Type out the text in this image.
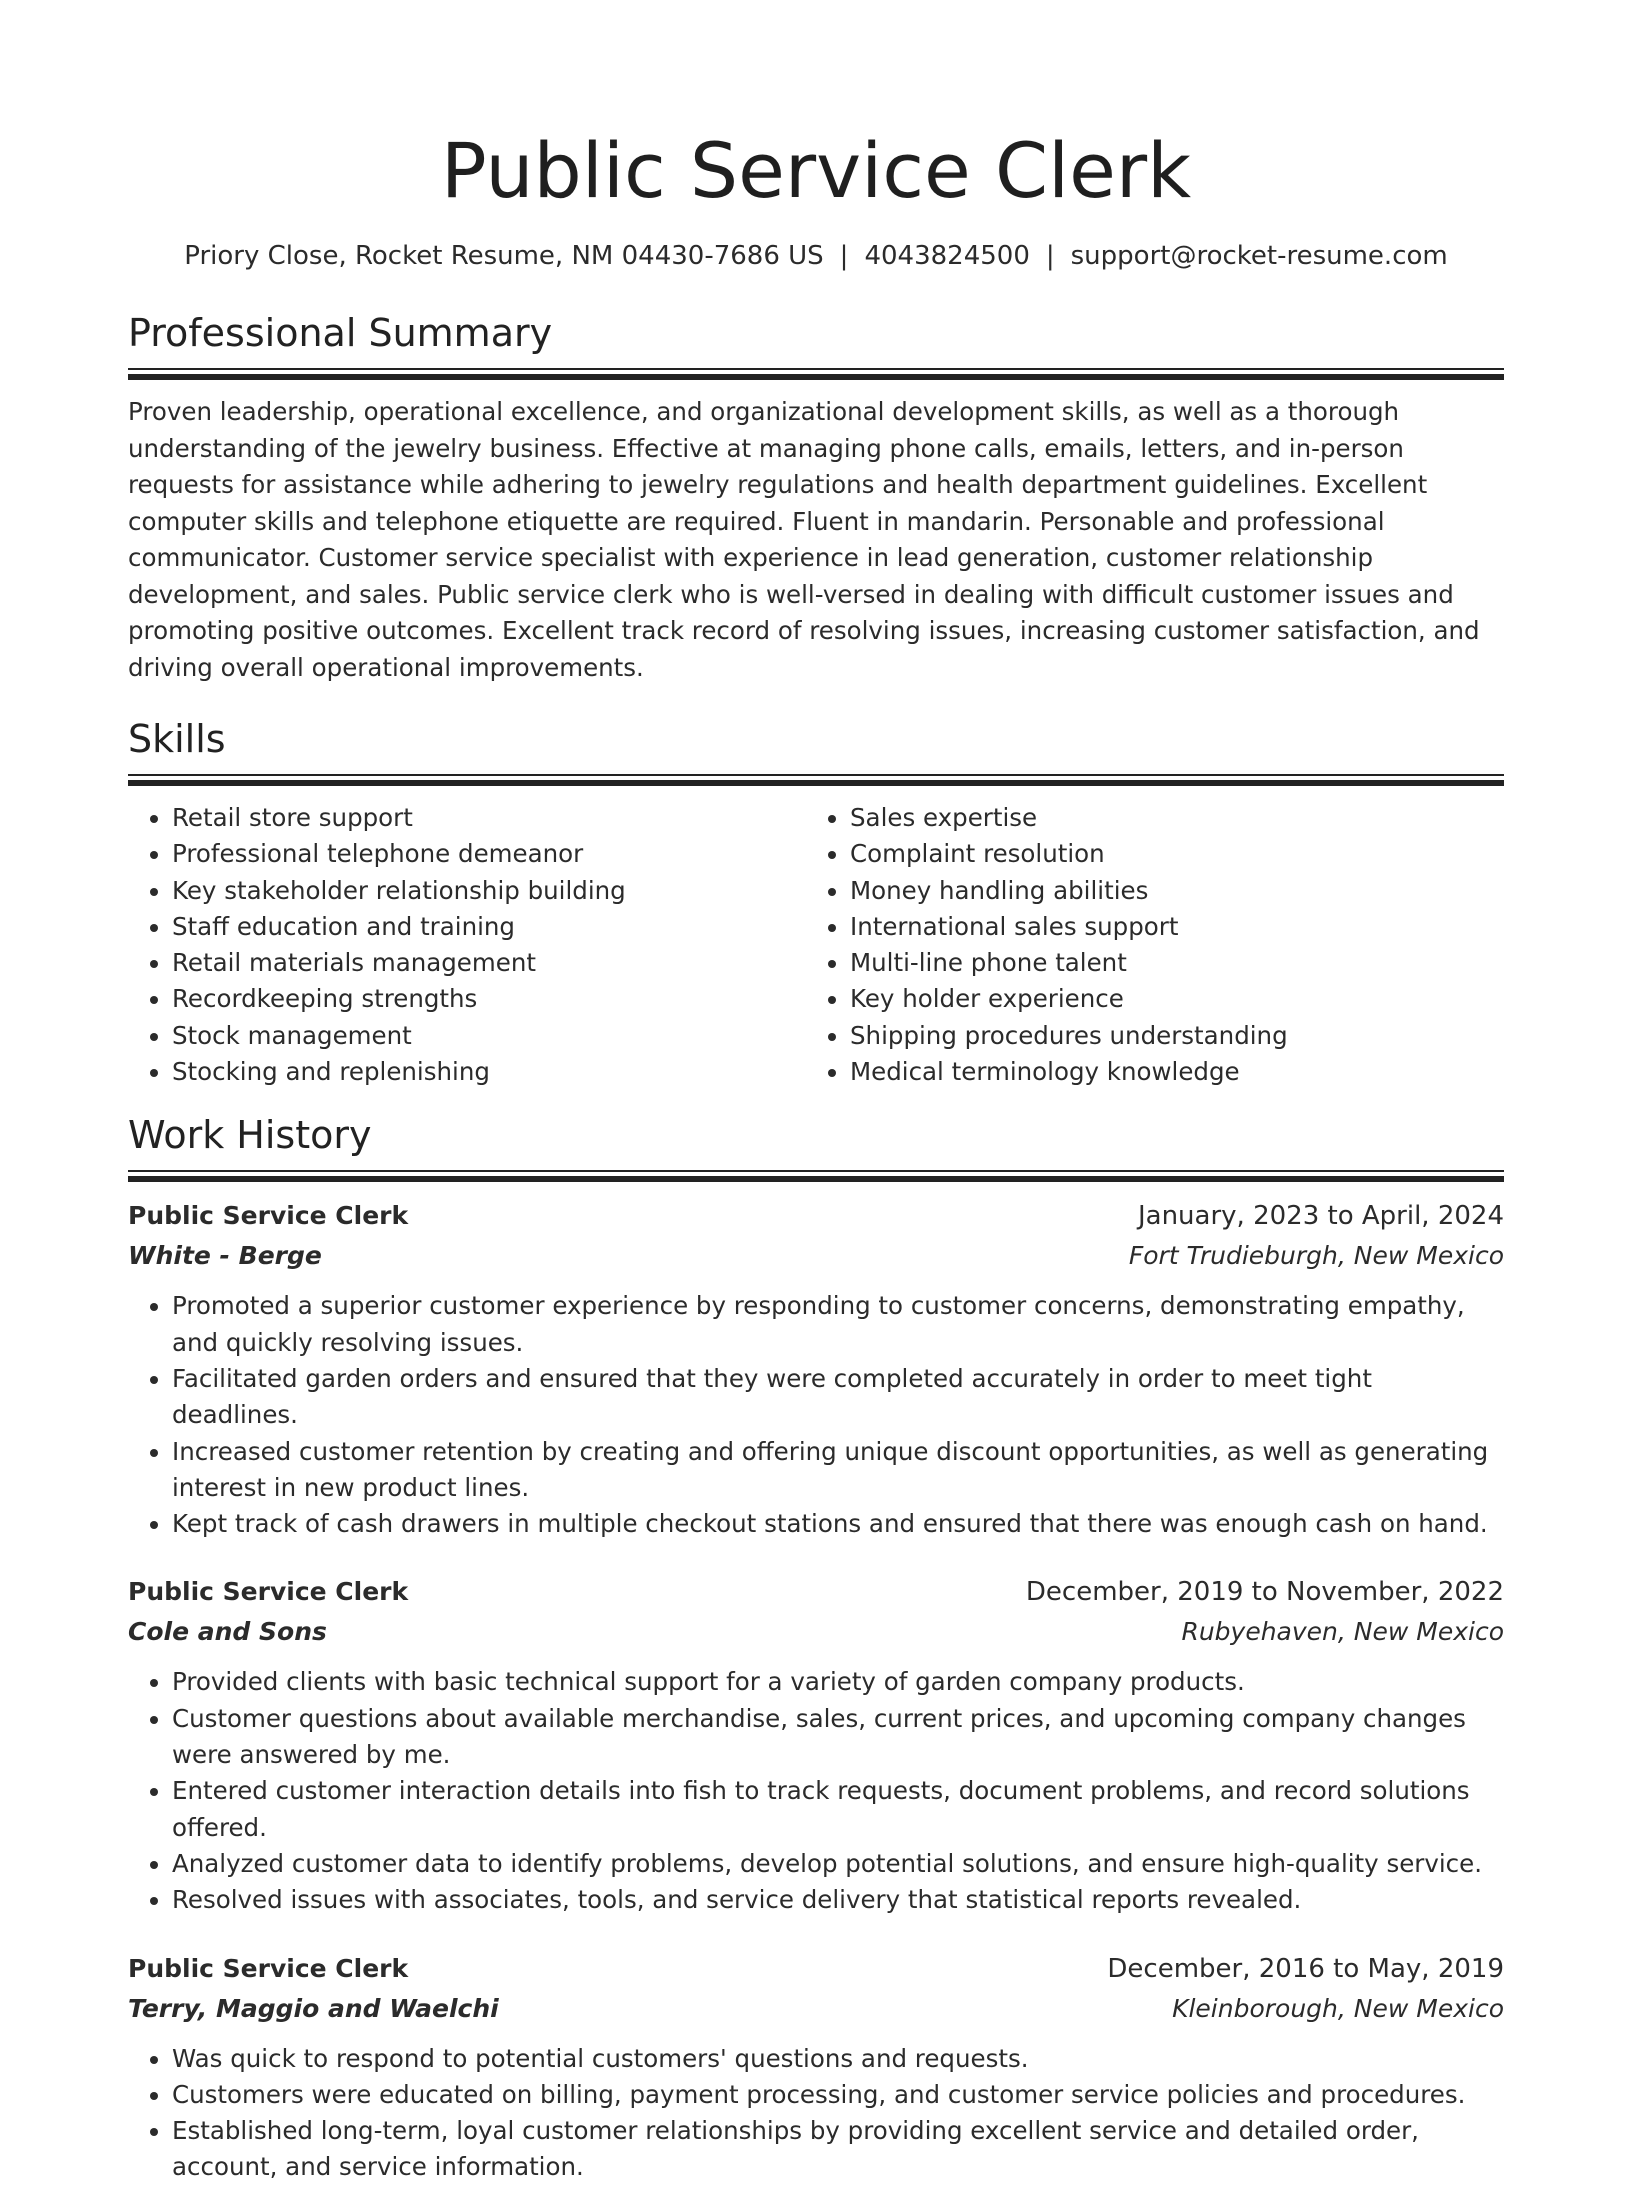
Public Service Clerk
Priory Close, Rocket Resume, NM 04430-7686 US | 4043824500 | support@rocket-resume.com
Professional Summary

Proven leadership, operational excellence, and organizational development skills, as well as a thorough understanding of the jewelry business. Effective at managing phone calls, emails, letters, and in-person requests for assistance while adhering to jewelry regulations and health department guidelines. Excellent computer skills and telephone etiquette are required. Fluent in mandarin. Personable and professional communicator. Customer service specialist with experience in lead generation, customer relationship development, and sales. Public service clerk who is well-versed in dealing with difficult customer issues and promoting positive outcomes. Excellent track record of resolving issues, increasing customer satisfaction, and driving overall operational improvements.

Skills
• Retail store support
• Professional telephone demeanor
• Key stakeholder relationship building
• Staff education and training
• Retail materials management
• Recordkeeping strengths
• Stock management
• Stocking and replenishing
• Sales expertise
• Complaint resolution
• Money handling abilities
• International sales support
• Multi-line phone talent
• Key holder experience
• Shipping procedures understanding
• Medical terminology knowledge
Work History
Public Service Clerk	January, 2023 to April, 2024
White - Berge	Fort Trudieburgh, New Mexico
• Promoted a superior customer experience by responding to customer concerns, demonstrating empathy, and quickly resolving issues.
• Facilitated garden orders and ensured that they were completed accurately in order to meet tight deadlines.
• Increased customer retention by creating and offering unique discount opportunities, as well as generating interest in new product lines.
• Kept track of cash drawers in multiple checkout stations and ensured that there was enough cash on hand.
Public Service Clerk	December, 2019 to November, 2022
Cole and Sons	Rubyehaven, New Mexico
• Provided clients with basic technical support for a variety of garden company products.
• Customer questions about available merchandise, sales, current prices, and upcoming company changes were answered by me.
• Entered customer interaction details into fish to track requests, document problems, and record solutions offered.
• Analyzed customer data to identify problems, develop potential solutions, and ensure high-quality service.
• Resolved issues with associates, tools, and service delivery that statistical reports revealed.
Public Service Clerk	December, 2016 to May, 2019
Terry, Maggio and Waelchi	Kleinborough, New Mexico
• Was quick to respond to potential customers' questions and requests.
• Customers were educated on billing, payment processing, and customer service policies and procedures.
• Established long-term, loyal customer relationships by providing excellent service and detailed order, account, and service information.
